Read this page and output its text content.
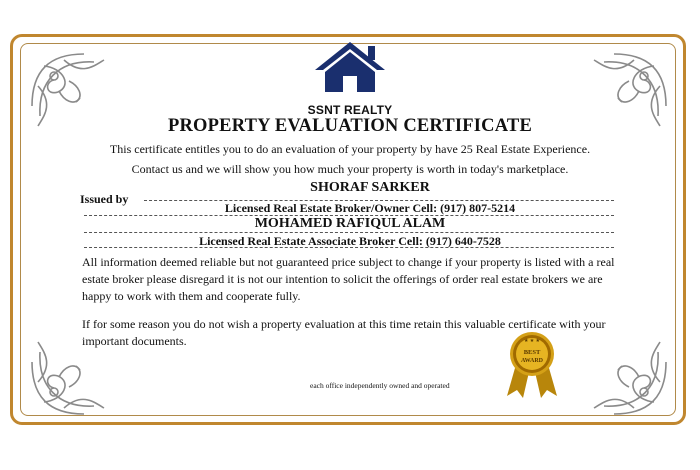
SSNT REALTY
PROPERTY EVALUATION CERTIFICATE
This certificate entitles you to do an evaluation of your property by have 25 Real Estate Experience.
Contact us and we will show you how much your property is worth in today's marketplace.
Issued by
SHORAF SARKER
Licensed Real Estate Broker/Owner Cell: (917) 807-5214
MOHAMED RAFIQUL ALAM
Licensed Real Estate Associate Broker Cell: (917) 640-7528
All information deemed reliable but not guaranteed price subject to change if your property is listed with a real estate broker please disregard it is not our intention to solicit the offerings of order real estate brokers we are happy to work with them and cooperate fully.
If for some reason you do not wish a property evaluation at this time retain this valuable certificate with your important documents.
each office independently owned and operated
★ ★ ★
BEST
AWARD
